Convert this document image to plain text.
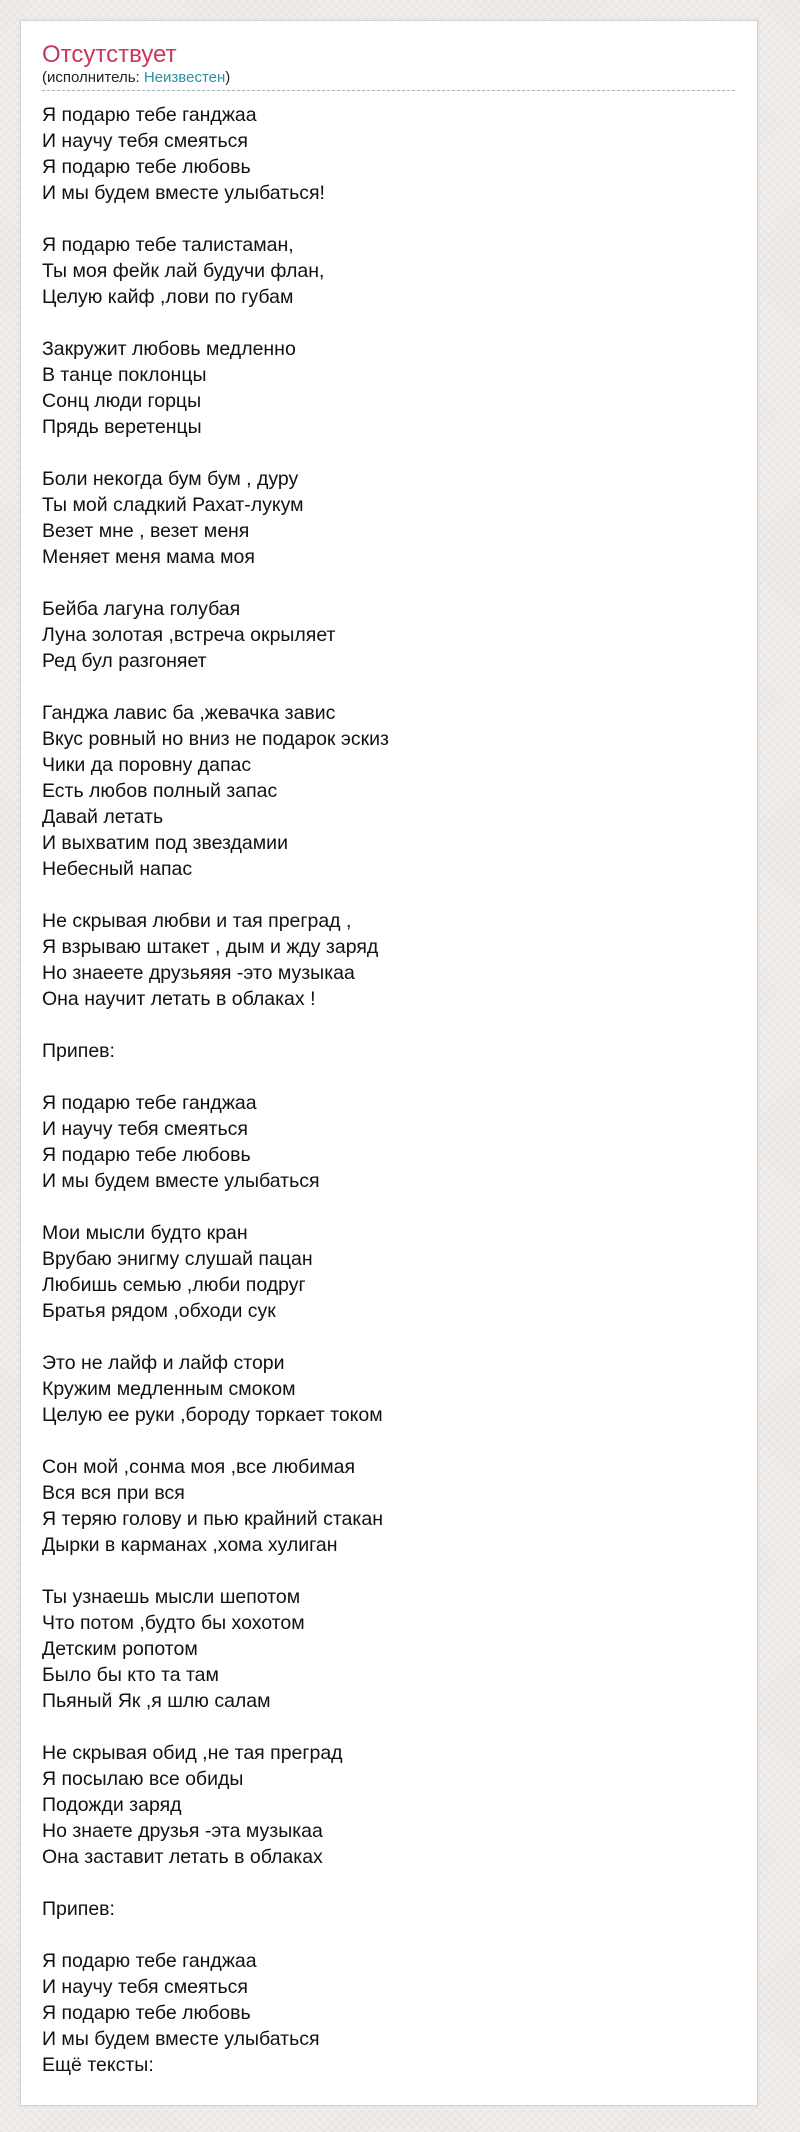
Отсутствует
(исполнитель: Неизвестен)
Я подарю тебе ганджаа
И научу тебя смеяться
Я подарю тебе любовь
И мы будем вместе улыбаться!
Я подарю тебе талистаман,
Ты моя фейк лай будучи флан,
Целую кайф ,лови по губам
Закружит любовь медленно
В танце поклонцы
Сонц люди горцы
Прядь веретенцы
Боли некогда бум бум , дуру
Ты мой сладкий Рахат-лукум
Везет мне , везет меня
Меняет меня мама моя
Бейба лагуна голубая
Луна золотая ,встреча окрыляет
Ред бул разгоняет
Ганджа лавис ба ,жевачка завис
Вкус ровный но вниз не подарок эскиз
Чики да поровну дапас
Есть любов полный запас
Давай летать
И выхватим под звездамии
Небесный напас
Не скрывая любви и тая преград ,
Я взрываю штакет , дым и жду заряд
Но знаеете друзьяяя -это музыкаа
Она научит летать в облаках !
Припев:
Я подарю тебе ганджаа
И научу тебя смеяться
Я подарю тебе любовь
И мы будем вместе улыбаться
Мои мысли будто кран
Врубаю энигму слушай пацан
Любишь семью ,люби подруг
Братья рядом ,обходи сук
Это не лайф и лайф стори
Кружим медленным смоком
Целую ее руки ,бороду торкает током
Сон мой ,сонма моя ,все любимая
Вся вся при вся
Я теряю голову и пью крайний стакан
Дырки в карманах ,хома хулиган
Ты узнаешь мысли шепотом
Что потом ,будто бы хохотом
Детским ропотом
Было бы кто та там
Пьяный Як ,я шлю салам
Не скрывая обид ,не тая преград
Я посылаю все обиды
Подожди заряд
Но знаете друзья -эта музыкаа
Она заставит летать в облаках
Припев:
Я подарю тебе ганджаа
И научу тебя смеяться
Я подарю тебе любовь
И мы будем вместе улыбаться
Ещё тексты:
